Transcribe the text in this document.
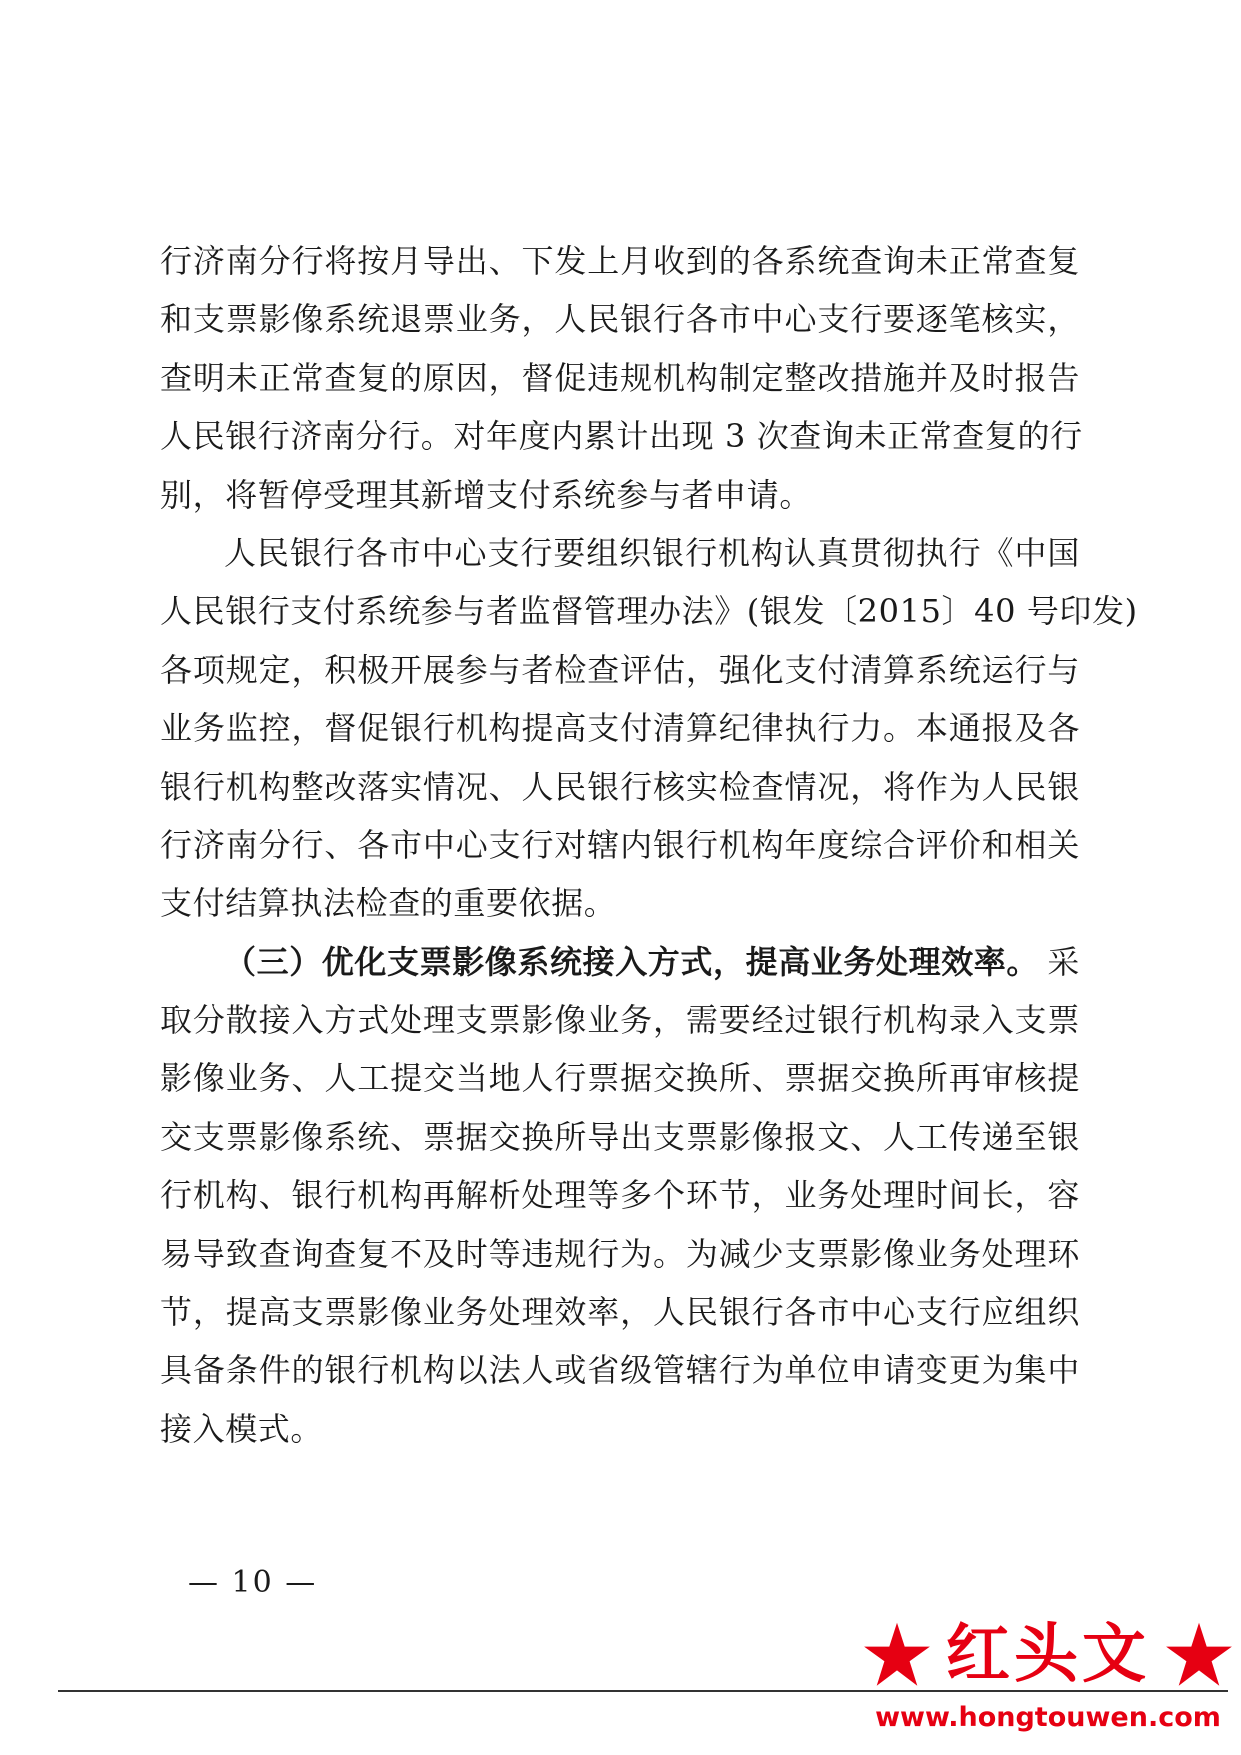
行济南分行将按月导出、下发上月收到的各系统查询未正常查复
和支票影像系统退票业务，人民银行各市中心支行要逐笔核实，
查明未正常查复的原因，督促违规机构制定整改措施并及时报告
人民银行济南分行。对年度内累计出现 3 次查询未正常查复的行
别，将暂停受理其新增支付系统参与者申请。
人民银行各市中心支行要组织银行机构认真贯彻执行《中国
人民银行支付系统参与者监督管理办法》(银发〔2015〕40 号印发)
各项规定，积极开展参与者检查评估，强化支付清算系统运行与
业务监控，督促银行机构提高支付清算纪律执行力。本通报及各
银行机构整改落实情况、人民银行核实检查情况，将作为人民银
行济南分行、各市中心支行对辖内银行机构年度综合评价和相关
支付结算执法检查的重要依据。
（三）优化支票影像系统接入方式，提高业务处理效率。 采
取分散接入方式处理支票影像业务，需要经过银行机构录入支票
影像业务、人工提交当地人行票据交换所、票据交换所再审核提
交支票影像系统、票据交换所导出支票影像报文、人工传递至银
行机构、银行机构再解析处理等多个环节，业务处理时间长，容
易导致查询查复不及时等违规行为。为减少支票影像业务处理环
节，提高支票影像业务处理效率，人民银行各市中心支行应组织
具备条件的银行机构以法人或省级管辖行为单位申请变更为集中
接入模式。
— 10 —
红头文
www.hongtouwen.com
